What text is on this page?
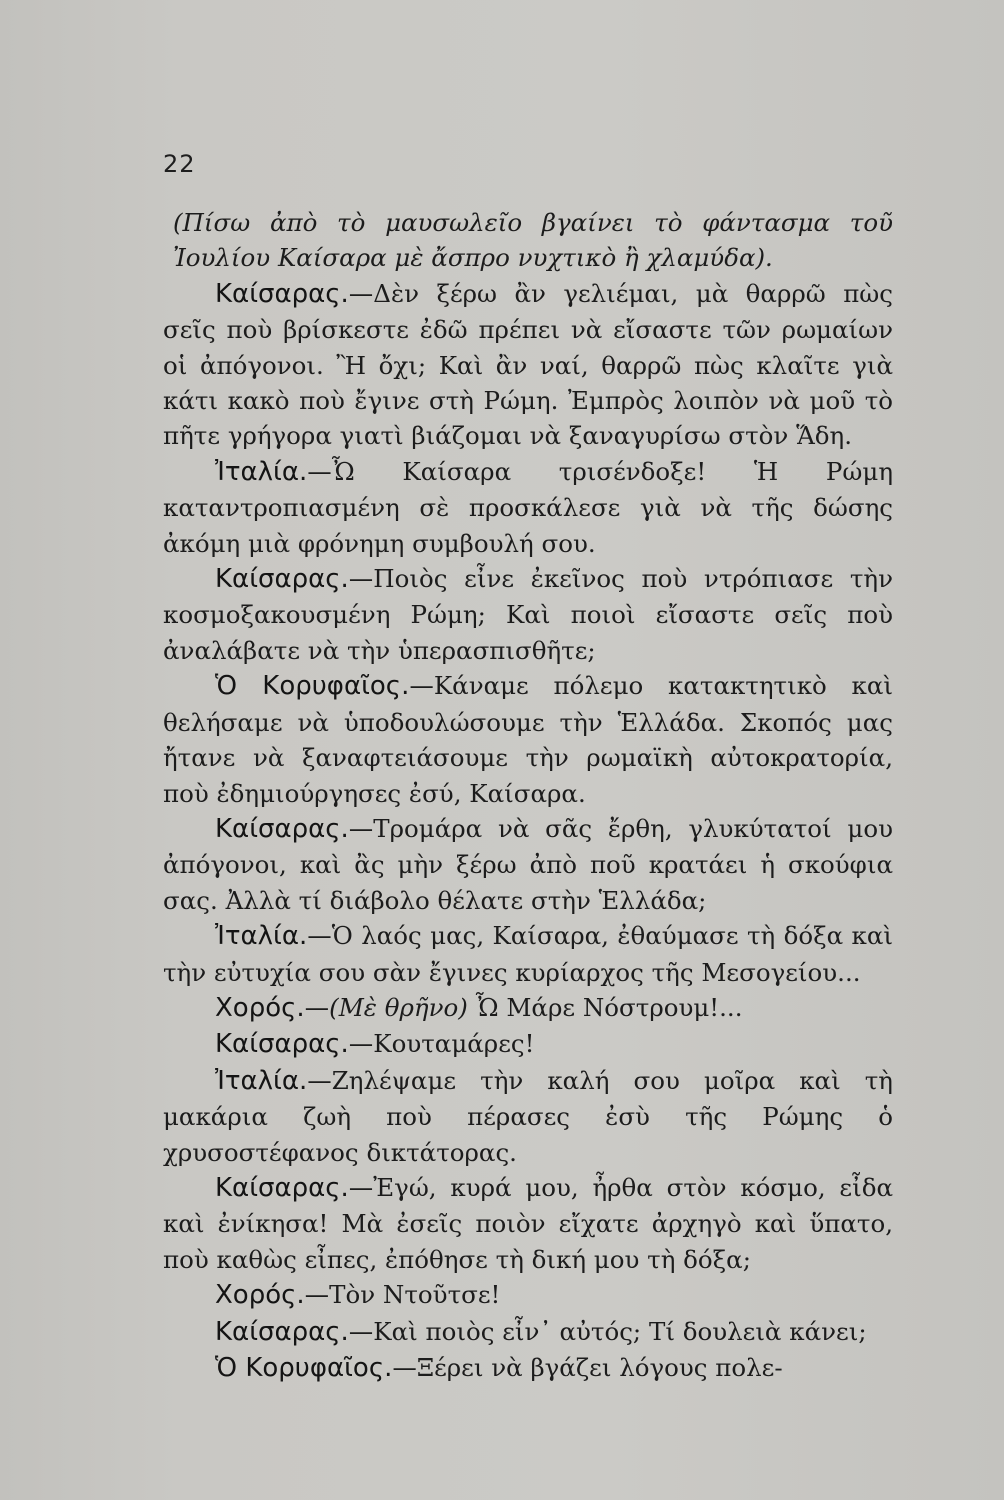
22

(Πίσω ἀπὸ τὸ μαυσωλεῖο βγαίνει τὸ φάντασμα τοῦ Ἰουλίου Καίσαρα μὲ ἄσπρο νυχτικὸ ἢ χλαμύδα).

Καίσαρας.—Δὲν ξέρω ἂν γελιέμαι, μὰ θαρρῶ πὼς σεῖς ποὺ βρίσκεστε ἐδῶ πρέπει νὰ εἴσαστε τῶν ρωμαίων οἱ ἀπόγονοι. Ἢ ὄχι; Καὶ ἂν ναί, θαρρῶ πὼς κλαῖτε γιὰ κάτι κακὸ ποὺ ἔγινε στὴ Ρώμη. Ἐμπρὸς λοιπὸν νὰ μοῦ τὸ πῆτε γρήγορα γιατὶ βιάζομαι νὰ ξαναγυρίσω στὸν Ἅδη.

Ἰταλία.—Ὦ Καίσαρα τρισένδοξε! Ἡ Ρώμη καταντροπιασμένη σὲ προσκάλεσε γιὰ νὰ τῆς δώσης ἀκόμη μιὰ φρόνημη συμβουλή σου.

Καίσαρας.—Ποιὸς εἶνε ἐκεῖνος ποὺ ντρόπιασε τὴν κοσμοξακουσμένη Ρώμη; Καὶ ποιοὶ εἴσαστε σεῖς ποὺ ἀναλάβατε νὰ τὴν ὑπερασπισθῆτε;

Ὁ Κορυφαῖος.—Κάναμε πόλεμο κατακτητικὸ καὶ θελήσαμε νὰ ὑποδουλώσουμε τὴν Ἑλλάδα. Σκοπός μας ἤτανε νὰ ξαναφτειάσουμε τὴν ρωμαϊκὴ αὐτοκρατορία, ποὺ ἐδημιούργησες ἐσύ, Καίσαρα.

Καίσαρας.—Τρομάρα νὰ σᾶς ἔρθη, γλυκύτατοί μου ἀπόγονοι, καὶ ἂς μὴν ξέρω ἀπὸ ποῦ κρατάει ἡ σκούφια σας. Ἀλλὰ τί διάβολο θέλατε στὴν Ἑλλάδα;

Ἰταλία.—Ὁ λαός μας, Καίσαρα, ἐθαύμασε τὴ δόξα καὶ τὴν εὐτυχία σου σὰν ἔγινες κυρίαρχος τῆς Μεσογείου...

Χορός.—(Μὲ θρῆνο) Ὦ Μάρε Νόστρουμ!...

Καίσαρας.—Κουταμάρες!

Ἰταλία.—Ζηλέψαμε τὴν καλή σου μοῖρα καὶ τὴ μακάρια ζωὴ ποὺ πέρασες ἐσὺ τῆς Ρώμης ὁ χρυσοστέφανος δικτάτορας.

Καίσαρας.—Ἐγώ, κυρά μου, ἦρθα στὸν κόσμο, εἶδα καὶ ἐνίκησα! Μὰ ἐσεῖς ποιὸν εἴχατε ἀρχηγὸ καὶ ὕπατο, ποὺ καθὼς εἶπες, ἐπόθησε τὴ δική μου τὴ δόξα;

Χορός.—Τὸν Ντοῦτσε!

Καίσαρας.—Καὶ ποιὸς εἶν᾽ αὐτός; Τί δουλειὰ κάνει;

Ὁ Κορυφαῖος.—Ξέρει νὰ βγάζει λόγους πολε-
